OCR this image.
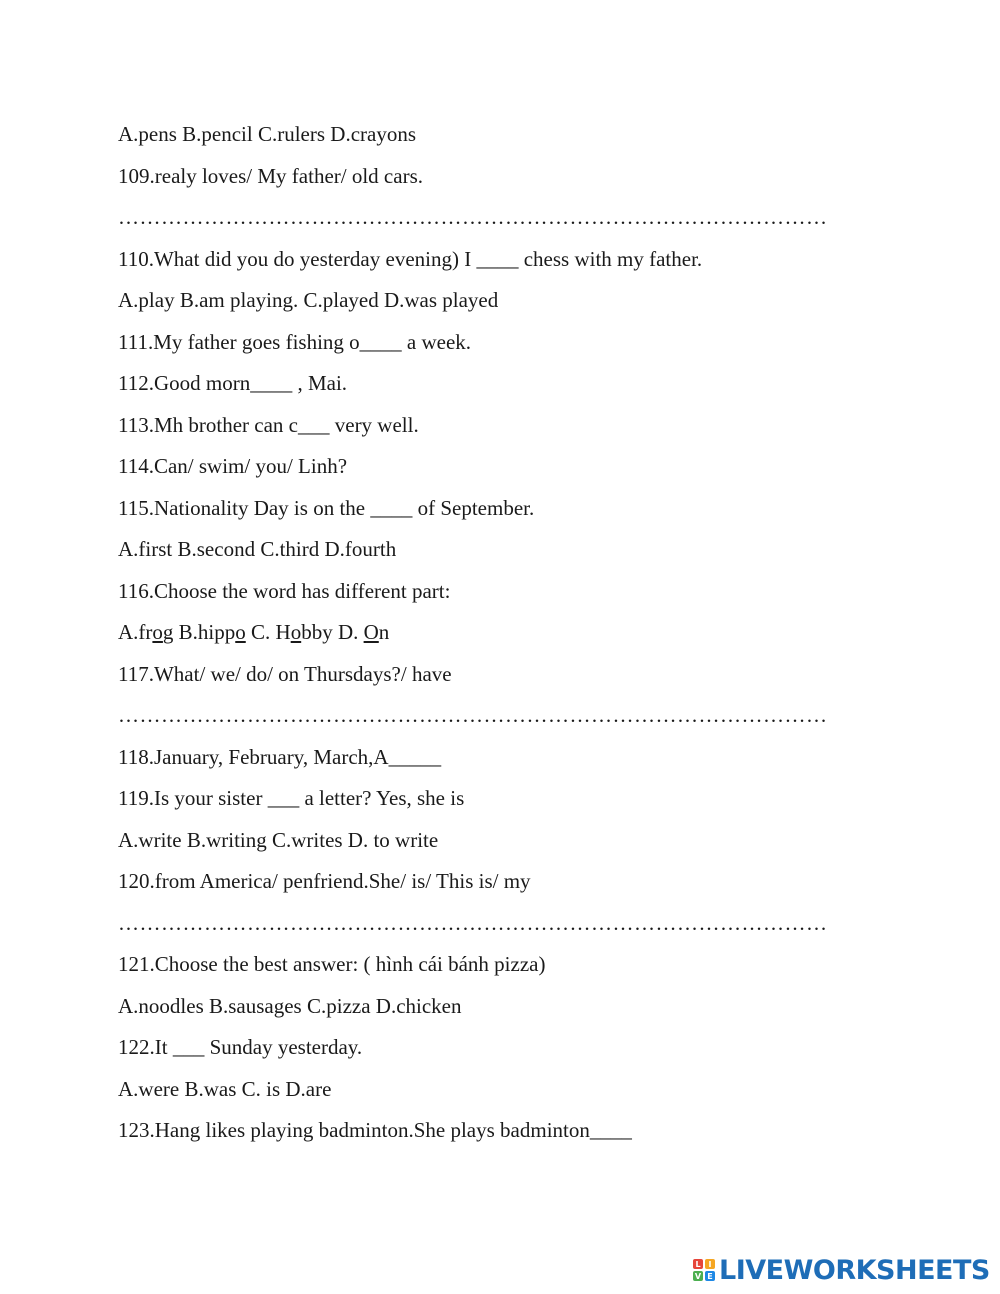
A.pens B.pencil C.rulers D.crayons
109.realy loves/ My father/ old cars.
………………………………………………………………………………………
110.What did you do yesterday evening) I ____ chess with my father.
A.play B.am playing. C.played D.was played
111.My father goes fishing o____ a week.
112.Good morn____ , Mai.
113.Mh brother can c___ very well.
114.Can/ swim/ you/ Linh?
115.Nationality Day is on the ____ of September.
A.first B.second C.third D.fourth
116.Choose the word has different part:
A.frog B.hippo C. Hobby D. On
117.What/ we/ do/ on Thursdays?/ have
………………………………………………………………………………………
118.January, February, March,A_____
119.Is your sister ___ a letter? Yes, she is
A.write B.writing C.writes D. to write
120.from America/ penfriend.She/ is/ This is/ my
………………………………………………………………………………………
121.Choose the best answer: ( hình cái bánh pizza)
A.noodles B.sausages C.pizza D.chicken
122.It ___ Sunday yesterday.
A.were B.was C. is D.are
123.Hang likes playing badminton.She plays badminton____
L I
V E LIVEWORKSHEETS
